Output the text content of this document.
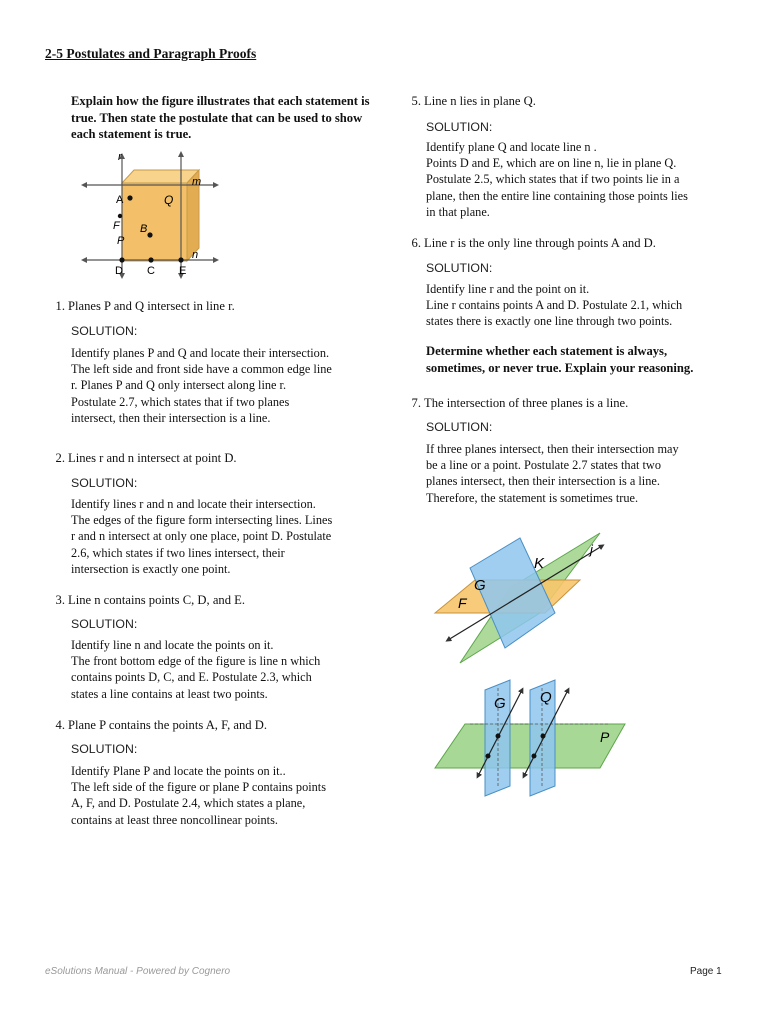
2-5 Postulates and Paragraph Proofs
Explain how the figure illustrates that each statement is true. Then state the postulate that can be used to show each statement is true.
r
m
A	Q
F B
P
n
D C E
1. Planes P and Q intersect in line r.
SOLUTION:

Identify planes P and Q and locate their intersection.

The left side and front side have a common edge line

r. Planes P and Q only intersect along line r.

Postulate 2.7, which states that if two planes

intersect, then their intersection is a line.

2. Lines r and n intersect at point D.
SOLUTION:

Identify lines r and n and locate their intersection.

The edges of the figure form intersecting lines. Lines

r and n intersect at only one place, point D. Postulate

2.6, which states if two lines intersect, their

intersection is exactly one point.

3. Line n contains points C, D, and E.
SOLUTION:

Identify line n and locate the points on it.

The front bottom edge of the figure is line n which

contains points D, C, and E. Postulate 2.3, which

states a line contains at least two points.

4. Plane P contains the points A, F, and D.
SOLUTION:

Identify Plane P and locate the points on it..

The left side of the figure or plane P contains points

A, F, and D. Postulate 2.4, which states a plane,

contains at least three noncollinear points.

5. Line n lies in plane Q.
SOLUTION:

Identify plane Q and locate line n .

Points D and E, which are on line n, lie in plane Q.

Postulate 2.5, which states that if two points lie in a

plane, then the entire line containing those points lies

in that plane.

6. Line r is the only line through points A and D.
SOLUTION:

Identify line r and the point on it.

Line r contains points A and D. Postulate 2.1, which

states there is exactly one line through two points.

Determine whether each statement is always, sometimes, or never true. Explain your reasoning.
7. The intersection of three planes is a line.
SOLUTION:

If three planes intersect, then their intersection may

be a line or a point. Postulate 2.7 states that two

planes intersect, then their intersection is a line.

Therefore, the statement is sometimes true.

G
K
j
F
G Q
P
eSolutions Manual - Powered by Cognero	Page 1
